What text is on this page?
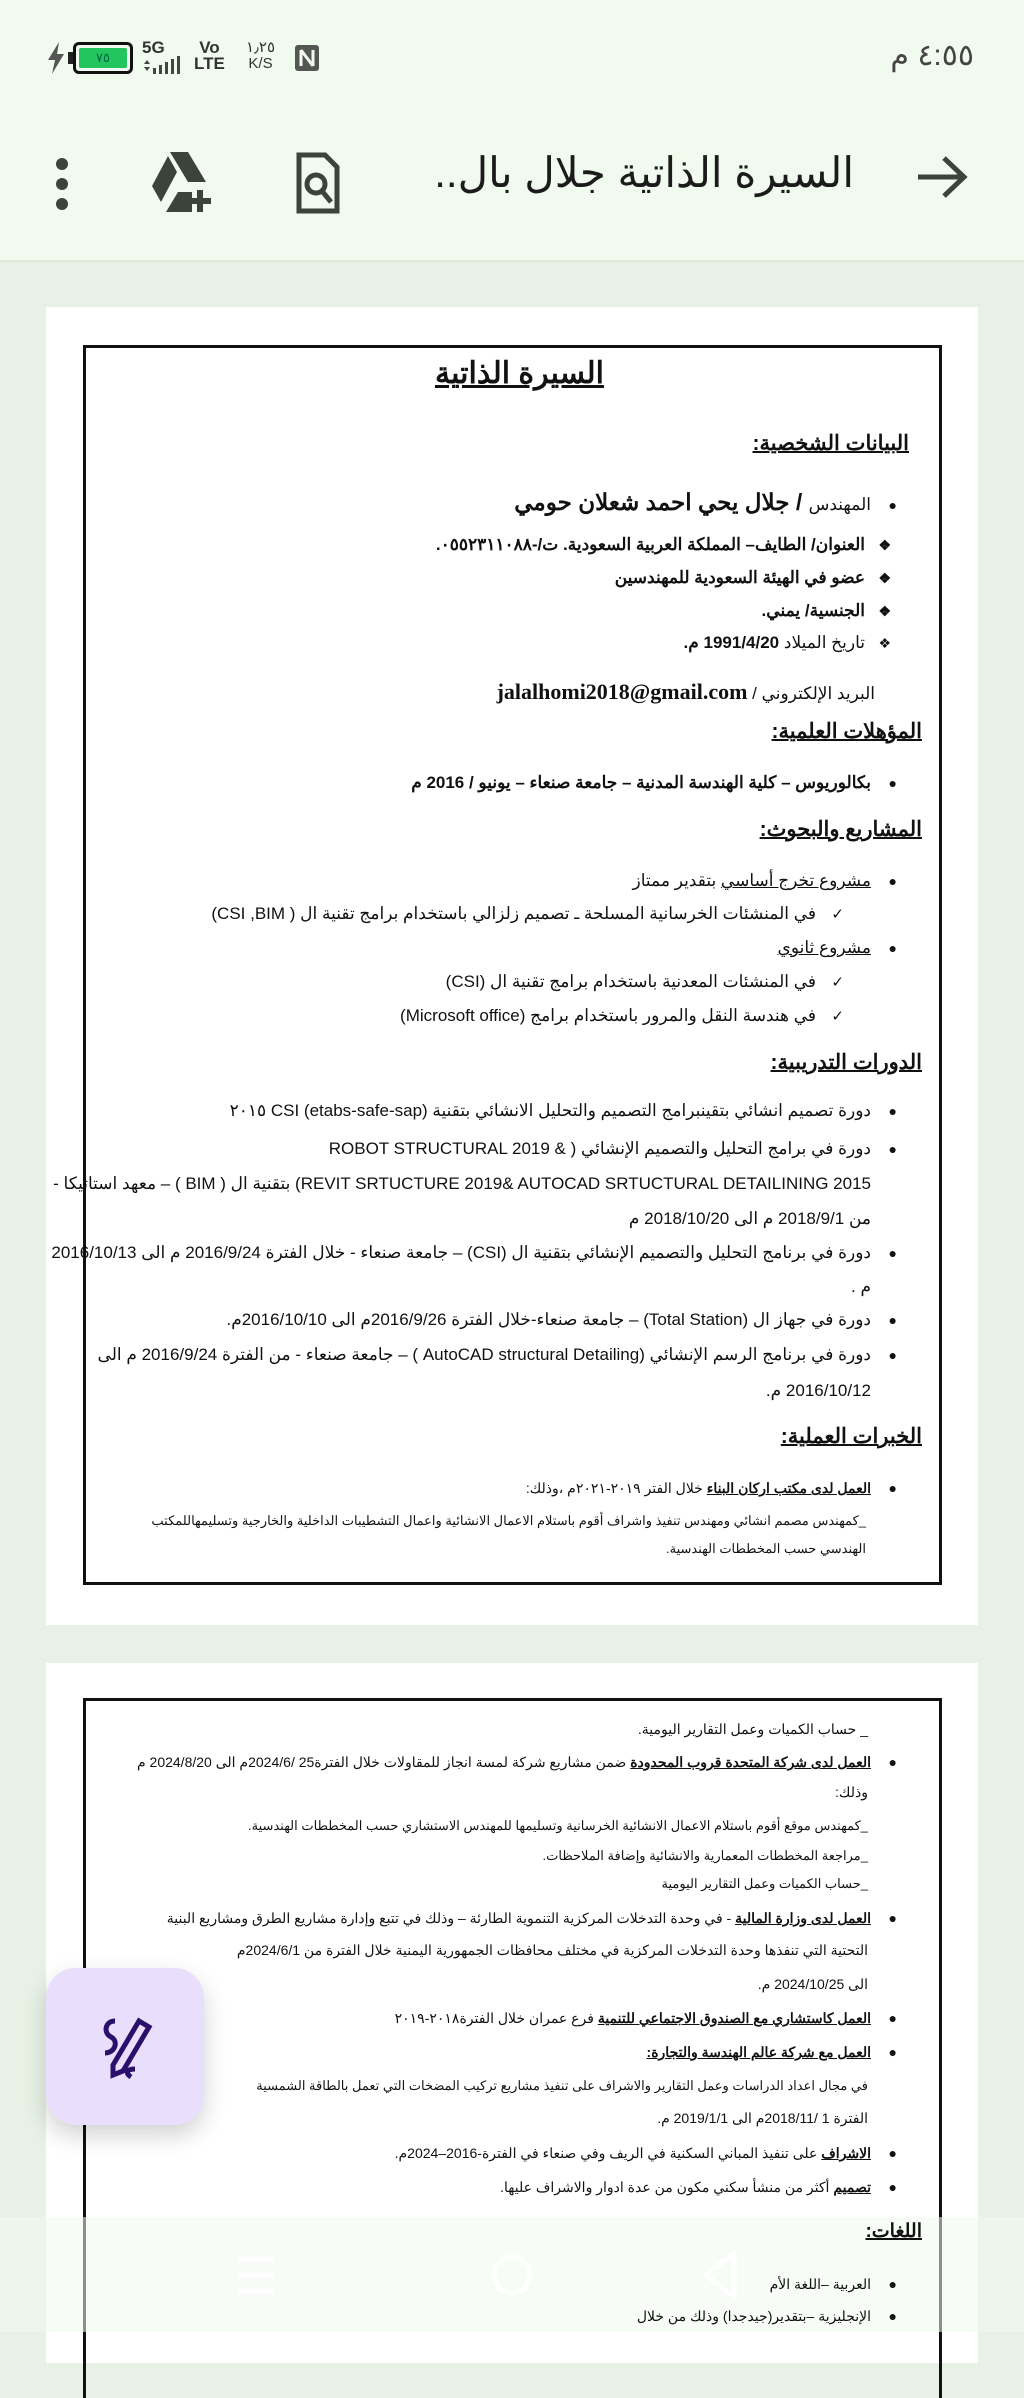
٧٥
5G	Vo
LTE
١٫٢٥
K/S	٤:٥٥ م
السيرة الذاتية جلال بال..
السيرة الذاتية
البيانات الشخصية:
●المهندس / جلال يحي احمد شعلان حومي
❖العنوان/ الطايف– المملكة العربية السعودية. ت/-٠٥٥٢٣١١٠٨٨.
❖عضو في الهيئة السعودية للمهندسين
❖الجنسية/ يمني.
❖تاريخ الميلاد 1991/4/20 م.
البريد الإلكتروني / jalalhomi2018@gmail.com
المؤهلات العلمية:
●بكالوريوس – كلية الهندسة المدنية – جامعة صنعاء – يونيو / 2016 م
المشاريع والبحوث:
●مشروع تخرج أساسي بتقدير ممتاز
✓في المنشئات الخرسانية المسلحة ـ تصميم زلزالي باستخدام برامج تقنية ال ( CSI ,BIM)
●مشروع ثانوي
✓في المنشئات المعدنية باستخدام برامج تقنية ال (CSI)
✓في هندسة النقل والمرور باستخدام برامج (Microsoft office)
الدورات التدريبية:
●دورة تصميم انشائي بتقينبرامج التصميم والتحليل الانشائي بتقنية (etabs-safe-sap) CSI ٢٠١٥
●دورة في برامج التحليل والتصميم الإنشائي ( & ROBOT STRUCTURAL 2019
REVIT SRTUCTURE 2019& AUTOCAD SRTUCTURAL DETAILINING 2015) بتقنية ال ( BIM ) – معهد استاتيكا -
من 2018/9/1 م الى 2018/10/20 م
●دورة في برنامج التحليل والتصميم الإنشائي بتقنية ال (CSI) – جامعة صنعاء - خلال الفترة 2016/9/24 م الى 2016/10/13
م .
●دورة في جهاز ال (Total Station) – جامعة صنعاء-خلال الفترة 2016/9/26م الى 2016/10/10م.
●دورة في برنامج الرسم الإنشائي (AutoCAD structural Detailing ) – جامعة صنعاء - من الفترة 2016/9/24 م الى
2016/10/12 م.
الخبرات العملية:
●العمل لدى مكتب اركان البناء خلال الفتر ٢٠١٩-٢٠٢١م ،وذلك:
_كمهندس مصمم انشائي ومهندس تنفيذ واشراف أقوم باستلام الاعمال الانشائية واعمال التشطيبات الداخلية والخارجية وتسليمهاللمكتب
الهندسي حسب المخططات الهندسية.
_ حساب الكميات وعمل التقارير اليومية.
●العمل لدى شركة المتحدة قروب المحدودة ضمن مشاريع شركة لمسة انجاز للمقاولات خلال الفترة25 /2024/6م الى 2024/8/20 م
وذلك:
_كمهندس موقع أقوم باستلام الاعمال الانشائية الخرسانية وتسليمها للمهندس الاستشاري حسب المخططات الهندسية.
_مراجعة المخططات المعمارية والانشائية وإضافة الملاحظات.
_حساب الكميات وعمل التقارير اليومية
●العمل لدى وزارة المالية - في وحدة التدخلات المركزية التنموية الطارئة – وذلك في تتبع وإدارة مشاريع الطرق ومشاريع البنية
التحتية التي تنفذها وحدة التدخلات المركزية في مختلف محافظات الجمهورية اليمنية خلال الفترة من 2024/6/1م
الى 2024/10/25 م.
●العمل كاستشاري مع الصندوق الاجتماعي للتنمية فرع عمران خلال الفترة٢٠١٨-٢٠١٩
●العمل مع شركة عالم الهندسة والتجارة:
في مجال اعداد الدراسات وعمل التقارير والاشراف على تنفيذ مشاريع تركيب المضخات التي تعمل بالطاقة الشمسية
الفترة 1 /2018/11م الى 2019/1/1 م.
●الاشراف على تنفيذ المباني السكنية في الريف وفي صنعاء في الفترة-2016–2024م.
●تصميم أكثر من منشأ سكني مكون من عدة ادوار والاشراف عليها.
اللغات:
●العربية –اللغة الأم
●الإنجليزية –بتقدير(جيدجدا) وذلك من خلال
